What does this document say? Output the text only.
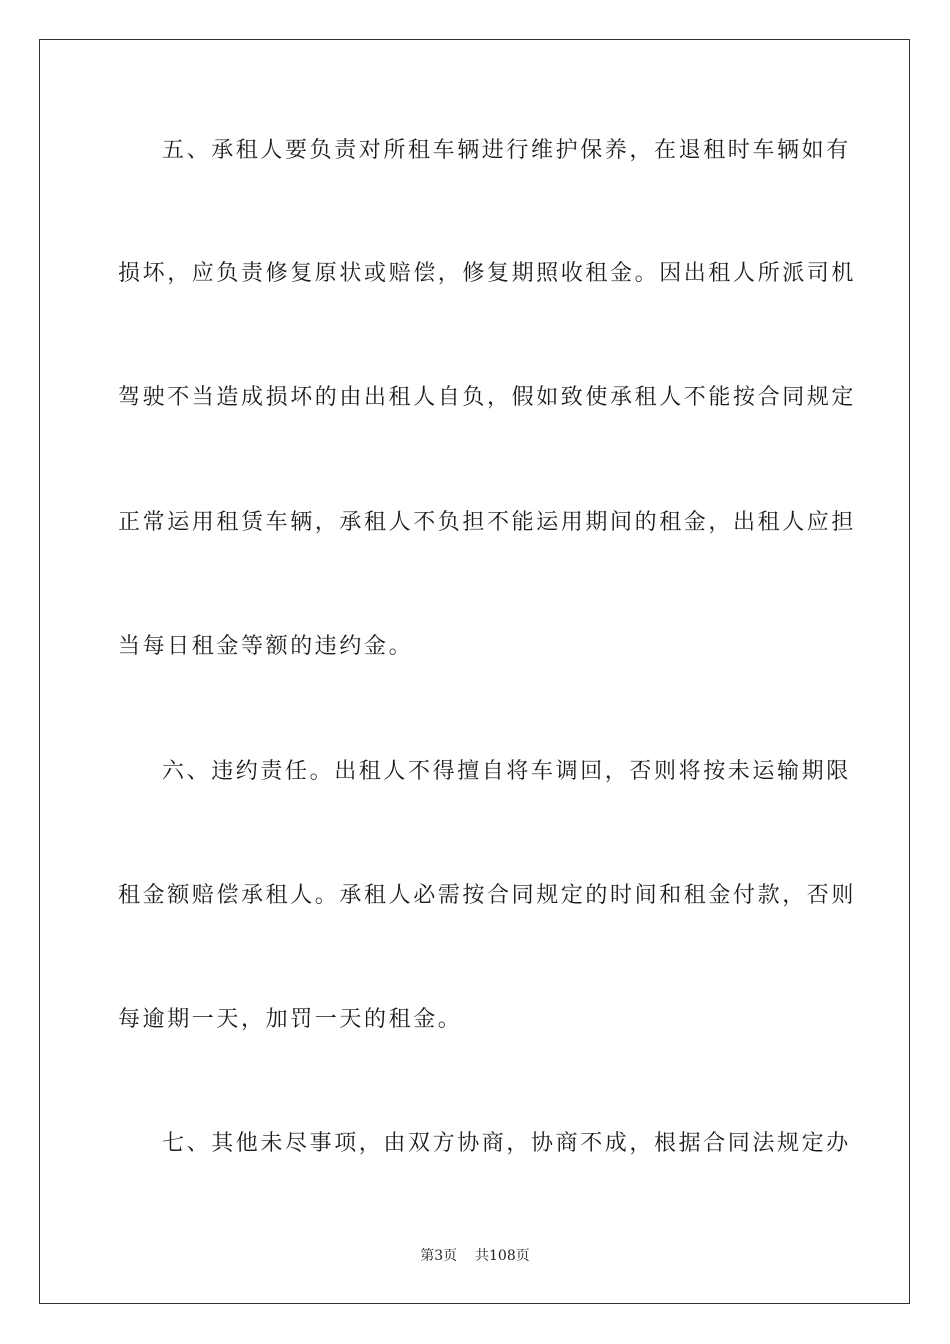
五、承租人要负责对所租车辆进行维护保养，在退租时车辆如有
损坏，应负责修复原状或赔偿，修复期照收租金。因出租人所派司机
驾驶不当造成损坏的由出租人自负，假如致使承租人不能按合同规定
正常运用租赁车辆，承租人不负担不能运用期间的租金，出租人应担
当每日租金等额的违约金。
六、违约责任。出租人不得擅自将车调回，否则将按未运输期限
租金额赔偿承租人。承租人必需按合同规定的时间和租金付款，否则
每逾期一天，加罚一天的租金。
七、其他未尽事项，由双方协商，协商不成，根据合同法规定办
第3页 共108页
